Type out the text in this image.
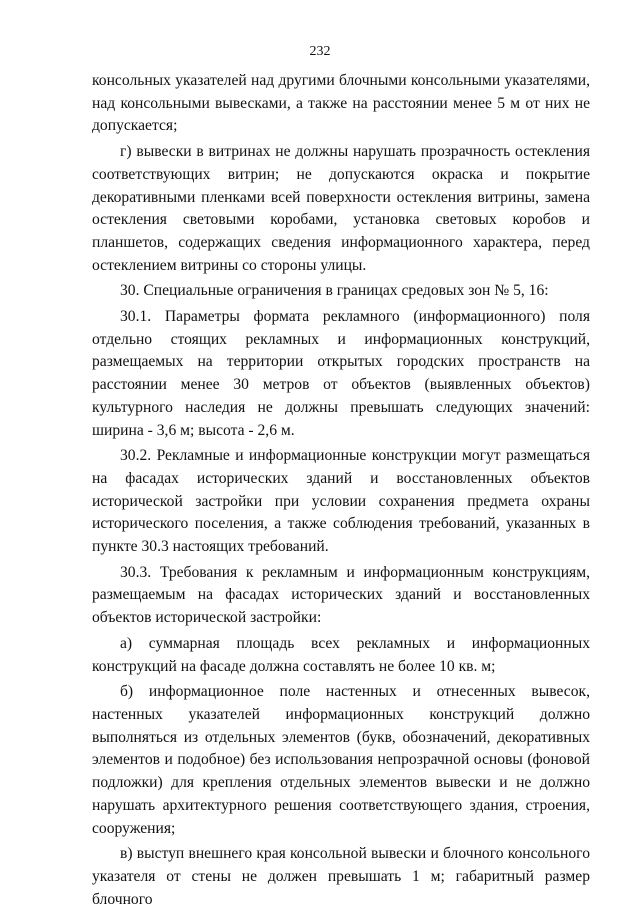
232

консольных указателей над другими блочными консольными указателями, над консольными вывесками, а также на расстоянии менее 5 м от них не допускается;

г) вывески в витринах не должны нарушать прозрачность остекления соответствующих витрин; не допускаются окраска и покрытие декоративными пленками всей поверхности остекления витрины, замена остекления световыми коробами, установка световых коробов и планшетов, содержащих сведения информационного характера, перед остеклением витрины со стороны улицы.

30. Специальные ограничения в границах средовых зон № 5, 16:

30.1. Параметры формата рекламного (информационного) поля отдельно стоящих рекламных и информационных конструкций, размещаемых на территории открытых городских пространств на расстоянии менее 30 метров от объектов (выявленных объектов) культурного наследия не должны превышать следующих значений: ширина - 3,6 м; высота - 2,6 м.

30.2. Рекламные и информационные конструкции могут размещаться на фасадах исторических зданий и восстановленных объектов исторической застройки при условии сохранения предмета охраны исторического поселения, а также соблюдения требований, указанных в пункте 30.3 настоящих требований.

30.3. Требования к рекламным и информационным конструкциям, размещаемым на фасадах исторических зданий и восстановленных объектов исторической застройки:

а) суммарная площадь всех рекламных и информационных конструкций на фасаде должна составлять не более 10 кв. м;

б) информационное поле настенных и отнесенных вывесок, настенных указателей информационных конструкций должно выполняться из отдельных элементов (букв, обозначений, декоративных элементов и подобное) без использования непрозрачной основы (фоновой подложки) для крепления отдельных элементов вывески и не должно нарушать архитектурного решения соответствующего здания, строения, сооружения;

в) выступ внешнего края консольной вывески и блочного консольного указателя от стены не должен превышать 1 м; габаритный размер блочного
